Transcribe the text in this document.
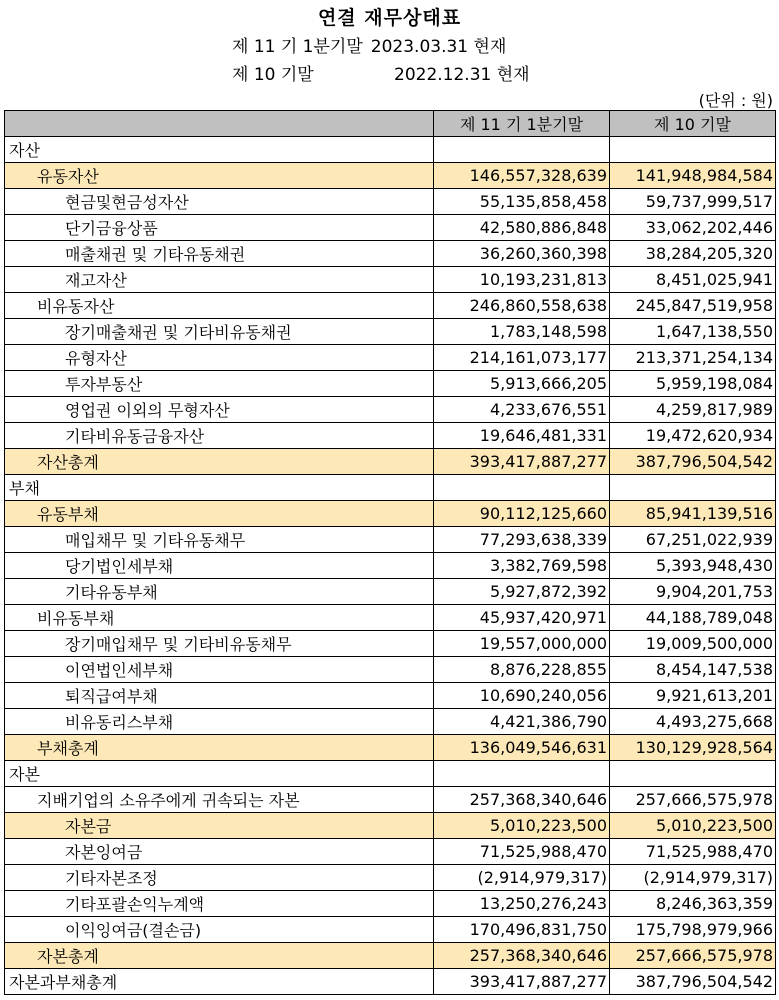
연결 재무상태표
제 11 기 1분기말 2023.03.31 현재
제 10 기말	2022.12.31 현재
(단위 : 원)
	제 11 기 1분기말	제 10 기말
자산		
유동자산	146,557,328,639	141,948,984,584
현금및현금성자산	55,135,858,458	59,737,999,517
단기금융상품	42,580,886,848	33,062,202,446
매출채권 및 기타유동채권	36,260,360,398	38,284,205,320
재고자산	10,193,231,813	8,451,025,941
비유동자산	246,860,558,638	245,847,519,958
장기매출채권 및 기타비유동채권	1,783,148,598	1,647,138,550
유형자산	214,161,073,177	213,371,254,134
투자부동산	5,913,666,205	5,959,198,084
영업권 이외의 무형자산	4,233,676,551	4,259,817,989
기타비유동금융자산	19,646,481,331	19,472,620,934
자산총계	393,417,887,277	387,796,504,542
부채		
유동부채	90,112,125,660	85,941,139,516
매입채무 및 기타유동채무	77,293,638,339	67,251,022,939
당기법인세부채	3,382,769,598	5,393,948,430
기타유동부채	5,927,872,392	9,904,201,753
비유동부채	45,937,420,971	44,188,789,048
장기매입채무 및 기타비유동채무	19,557,000,000	19,009,500,000
이연법인세부채	8,876,228,855	8,454,147,538
퇴직급여부채	10,690,240,056	9,921,613,201
비유동리스부채	4,421,386,790	4,493,275,668
부채총계	136,049,546,631	130,129,928,564
자본		
지배기업의 소유주에게 귀속되는 자본	257,368,340,646	257,666,575,978
자본금	5,010,223,500	5,010,223,500
자본잉여금	71,525,988,470	71,525,988,470
기타자본조정	(2,914,979,317)	(2,914,979,317)
기타포괄손익누계액	13,250,276,243	8,246,363,359
이익잉여금(결손금)	170,496,831,750	175,798,979,966
자본총계	257,368,340,646	257,666,575,978
자본과부채총계	393,417,887,277	387,796,504,542
